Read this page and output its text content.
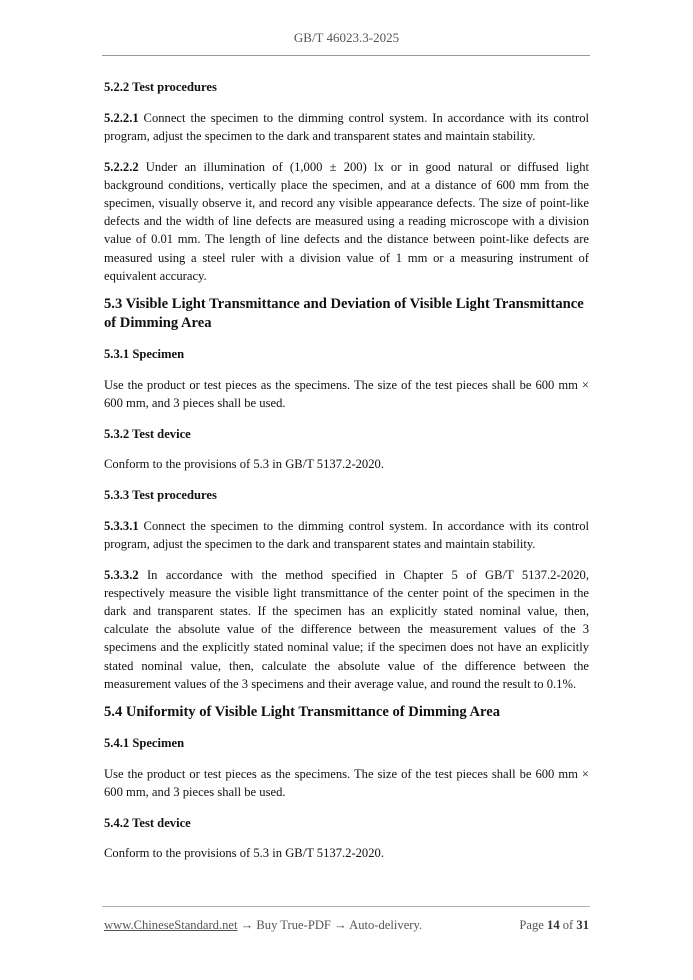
GB/T 46023.3-2025
5.2.2 Test procedures

5.2.2.1 Connect the specimen to the dimming control system. In accordance with its control program, adjust the specimen to the dark and transparent states and maintain stability.

5.2.2.2 Under an illumination of (1,000 ± 200) lx or in good natural or diffused light background conditions, vertically place the specimen, and at a distance of 600 mm from the specimen, visually observe it, and record any visible appearance defects. The size of point-like defects and the width of line defects are measured using a reading microscope with a division value of 0.01 mm. The length of line defects and the distance between point-like defects are measured using a steel ruler with a division value of 1 mm or a measuring instrument of equivalent accuracy.

5.3 Visible Light Transmittance and Deviation of Visible Light Transmittance of Dimming Area
5.3.1 Specimen

Use the product or test pieces as the specimens. The size of the test pieces shall be 600 mm × 600 mm, and 3 pieces shall be used.

5.3.2 Test device

Conform to the provisions of 5.3 in GB/T 5137.2-2020.

5.3.3 Test procedures

5.3.3.1 Connect the specimen to the dimming control system. In accordance with its control program, adjust the specimen to the dark and transparent states and maintain stability.

5.3.3.2 In accordance with the method specified in Chapter 5 of GB/T 5137.2-2020, respectively measure the visible light transmittance of the center point of the specimen in the dark and transparent states. If the specimen has an explicitly stated nominal value, then, calculate the absolute value of the difference between the measurement values of the 3 specimens and the explicitly stated nominal value; if the specimen does not have an explicitly stated nominal value, then, calculate the absolute value of the difference between the measurement values of the 3 specimens and their average value, and round the result to 0.1%.

5.4 Uniformity of Visible Light Transmittance of Dimming Area
5.4.1 Specimen

Use the product or test pieces as the specimens. The size of the test pieces shall be 600 mm × 600 mm, and 3 pieces shall be used.

5.4.2 Test device

Conform to the provisions of 5.3 in GB/T 5137.2-2020.

www.ChineseStandard.net → Buy True-PDF → Auto-delivery.	Page 14 of 31
